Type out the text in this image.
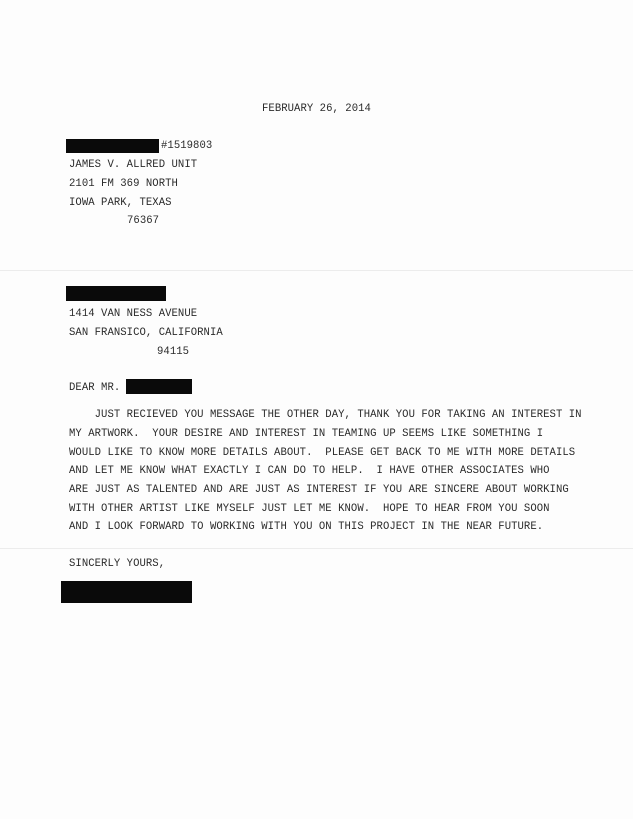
FEBRUARY 26, 2014
#1519803
JAMES V. ALLRED UNIT
2101 FM 369 NORTH
IOWA PARK, TEXAS
76367
1414 VAN NESS AVENUE
SAN FRANSICO, CALIFORNIA
94115
DEAR MR.
JUST RECIEVED YOU MESSAGE THE OTHER DAY, THANK YOU FOR TAKING AN INTEREST IN
MY ARTWORK.  YOUR DESIRE AND INTEREST IN TEAMING UP SEEMS LIKE SOMETHING I
WOULD LIKE TO KNOW MORE DETAILS ABOUT.  PLEASE GET BACK TO ME WITH MORE DETAILS
AND LET ME KNOW WHAT EXACTLY I CAN DO TO HELP.  I HAVE OTHER ASSOCIATES WHO
ARE JUST AS TALENTED AND ARE JUST AS INTEREST IF YOU ARE SINCERE ABOUT WORKING
WITH OTHER ARTIST LIKE MYSELF JUST LET ME KNOW.  HOPE TO HEAR FROM YOU SOON
AND I LOOK FORWARD TO WORKING WITH YOU ON THIS PROJECT IN THE NEAR FUTURE.
SINCERLY YOURS,
